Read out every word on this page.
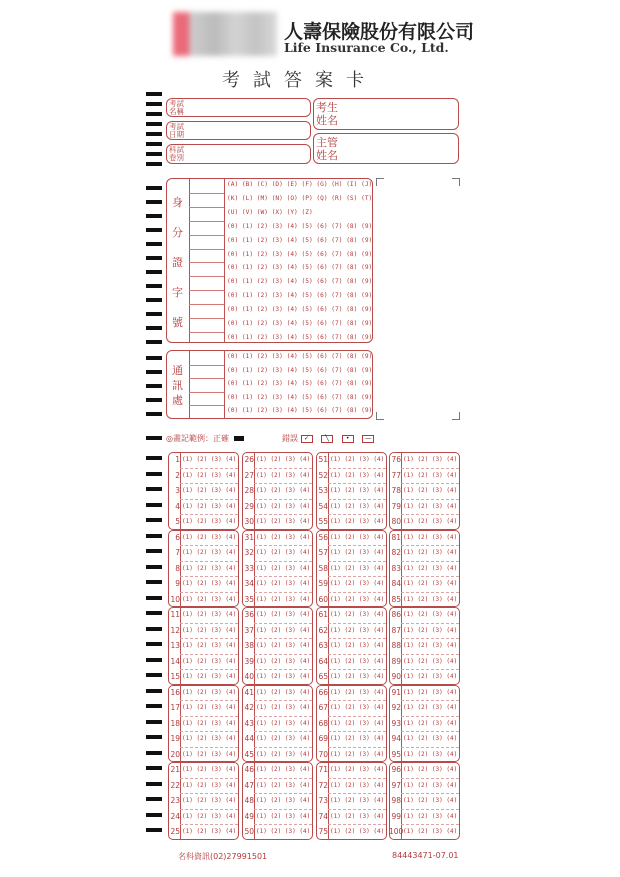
人壽保險股份有限公司
Life Insurance Co., Ltd.
考試答案卡
考試名稱
考試日期
科試卷別
考生姓名
主管姓名
身
分
證
字
號
(A) (B) (C) (D) (E) (F) (G) (H) (I) (J)
(K) (L) (M) (N) (O) (P) (Q) (R) (S) (T)
(U) (V) (W) (X) (Y) (Z)
(0) (1) (2) (3) (4) (5) (6) (7) (8) (9)
(0) (1) (2) (3) (4) (5) (6) (7) (8) (9)
(0) (1) (2) (3) (4) (5) (6) (7) (8) (9)
(0) (1) (2) (3) (4) (5) (6) (7) (8) (9)
(0) (1) (2) (3) (4) (5) (6) (7) (8) (9)
(0) (1) (2) (3) (4) (5) (6) (7) (8) (9)
(0) (1) (2) (3) (4) (5) (6) (7) (8) (9)
(0) (1) (2) (3) (4) (5) (6) (7) (8) (9)
(0) (1) (2) (3) (4) (5) (6) (7) (8) (9)
通
訊
處
(0) (1) (2) (3) (4) (5) (6) (7) (8) (9)
(0) (1) (2) (3) (4) (5) (6) (7) (8) (9)
(0) (1) (2) (3) (4) (5) (6) (7) (8) (9)
(0) (1) (2) (3) (4) (5) (6) (7) (8) (9)
(0) (1) (2) (3) (4) (5) (6) (7) (8) (9)
◎畫記範例：正確	錯誤 ✓	╲	•	―
1 (1) (2) (3) (4)
2 (1) (2) (3) (4)
3 (1) (2) (3) (4)
4 (1) (2) (3) (4)
5 (1) (2) (3) (4)
6 (1) (2) (3) (4)
7 (1) (2) (3) (4)
8 (1) (2) (3) (4)
9 (1) (2) (3) (4)
10 (1) (2) (3) (4)
11 (1) (2) (3) (4)
12 (1) (2) (3) (4)
13 (1) (2) (3) (4)
14 (1) (2) (3) (4)
15 (1) (2) (3) (4)
16 (1) (2) (3) (4)
17 (1) (2) (3) (4)
18 (1) (2) (3) (4)
19 (1) (2) (3) (4)
20 (1) (2) (3) (4)
21 (1) (2) (3) (4)
22 (1) (2) (3) (4)
23 (1) (2) (3) (4)
24 (1) (2) (3) (4)
25 (1) (2) (3) (4)
26 (1) (2) (3) (4)
27 (1) (2) (3) (4)
28 (1) (2) (3) (4)
29 (1) (2) (3) (4)
30 (1) (2) (3) (4)
31 (1) (2) (3) (4)
32 (1) (2) (3) (4)
33 (1) (2) (3) (4)
34 (1) (2) (3) (4)
35 (1) (2) (3) (4)
36 (1) (2) (3) (4)
37 (1) (2) (3) (4)
38 (1) (2) (3) (4)
39 (1) (2) (3) (4)
40 (1) (2) (3) (4)
41 (1) (2) (3) (4)
42 (1) (2) (3) (4)
43 (1) (2) (3) (4)
44 (1) (2) (3) (4)
45 (1) (2) (3) (4)
46 (1) (2) (3) (4)
47 (1) (2) (3) (4)
48 (1) (2) (3) (4)
49 (1) (2) (3) (4)
50 (1) (2) (3) (4)
51 (1) (2) (3) (4)
52 (1) (2) (3) (4)
53 (1) (2) (3) (4)
54 (1) (2) (3) (4)
55 (1) (2) (3) (4)
56 (1) (2) (3) (4)
57 (1) (2) (3) (4)
58 (1) (2) (3) (4)
59 (1) (2) (3) (4)
60 (1) (2) (3) (4)
61 (1) (2) (3) (4)
62 (1) (2) (3) (4)
63 (1) (2) (3) (4)
64 (1) (2) (3) (4)
65 (1) (2) (3) (4)
66 (1) (2) (3) (4)
67 (1) (2) (3) (4)
68 (1) (2) (3) (4)
69 (1) (2) (3) (4)
70 (1) (2) (3) (4)
71 (1) (2) (3) (4)
72 (1) (2) (3) (4)
73 (1) (2) (3) (4)
74 (1) (2) (3) (4)
75 (1) (2) (3) (4)
76 (1) (2) (3) (4)
77 (1) (2) (3) (4)
78 (1) (2) (3) (4)
79 (1) (2) (3) (4)
80 (1) (2) (3) (4)
81 (1) (2) (3) (4)
82 (1) (2) (3) (4)
83 (1) (2) (3) (4)
84 (1) (2) (3) (4)
85 (1) (2) (3) (4)
86 (1) (2) (3) (4)
87 (1) (2) (3) (4)
88 (1) (2) (3) (4)
89 (1) (2) (3) (4)
90 (1) (2) (3) (4)
91 (1) (2) (3) (4)
92 (1) (2) (3) (4)
93 (1) (2) (3) (4)
94 (1) (2) (3) (4)
95 (1) (2) (3) (4)
96 (1) (2) (3) (4)
97 (1) (2) (3) (4)
98 (1) (2) (3) (4)
99 (1) (2) (3) (4)
100 (1) (2) (3) (4)
名科資訊(02)27991501	84443471-07.01
